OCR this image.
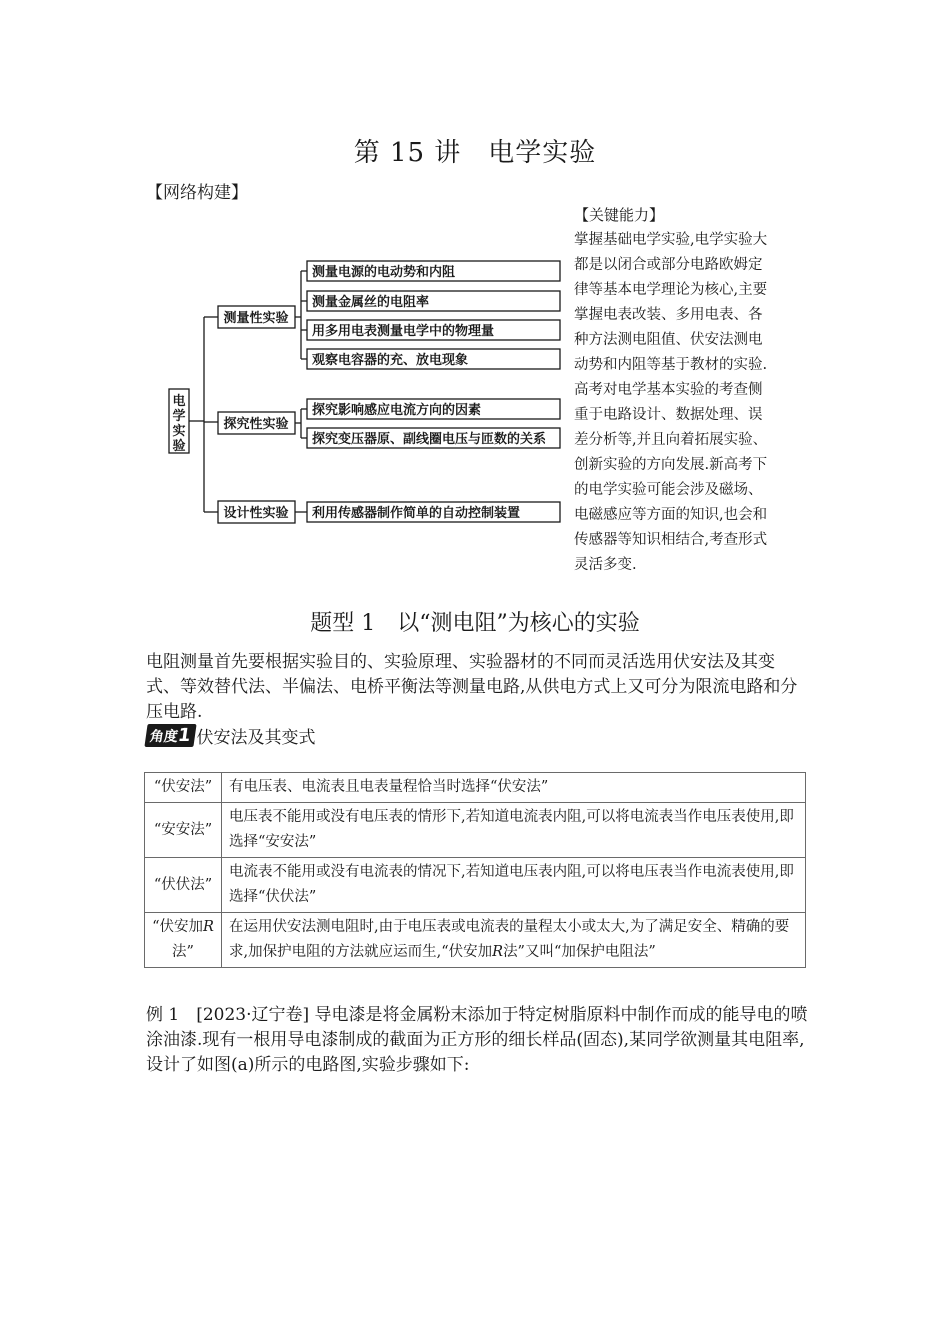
第 15 讲　电学实验
【网络构建】
电学实验
测量性实验
探究性实验
设计性实验
测量电源的电动势和内阻
测量金属丝的电阻率
用多用电表测量电学中的物理量
观察电容器的充、放电现象
探究影响感应电流方向的因素
探究变压器原、副线圈电压与匝数的关系
利用传感器制作简单的自动控制装置
【关键能力】
掌握基础电学实验,电学实验大都是以闭合或部分电路欧姆定律等基本电学理论为核心,主要掌握电表改装、多用电表、各种方法测电阻值、伏安法测电动势和内阻等基于教材的实验.高考对电学基本实验的考查侧重于电路设计、数据处理、误差分析等,并且向着拓展实验、创新实验的方向发展.新高考下的电学实验可能会涉及磁场、电磁感应等方面的知识,也会和传感器等知识相结合,考查形式灵活多变.
题型 1　以“测电阻”为核心的实验
电阻测量首先要根据实验目的、实验原理、实验器材的不同而灵活选用伏安法及其变式、等效替代法、半偏法、电桥平衡法等测量电路,从供电方式上又可分为限流电路和分压电路.
角度1 伏安法及其变式
“伏安法”	有电压表、电流表且电表量程恰当时选择“伏安法”
“安安法”	电压表不能用或没有电压表的情形下,若知道电流表内阻,可以将电流表当作电压表使用,即选择“安安法”
“伏伏法”	电流表不能用或没有电流表的情况下,若知道电压表内阻,可以将电压表当作电流表使用,即选择“伏伏法”
“伏安加R法”	在运用伏安法测电阻时,由于电压表或电流表的量程太小或太大,为了满足安全、精确的要求,加保护电阻的方法就应运而生,“伏安加R法”又叫“加保护电阻法”
例 1　[2023·辽宁卷] 导电漆是将金属粉末添加于特定树脂原料中制作而成的能导电的喷涂油漆.现有一根用导电漆制成的截面为正方形的细长样品(固态),某同学欲测量其电阻率,设计了如图(a)所示的电路图,实验步骤如下:
